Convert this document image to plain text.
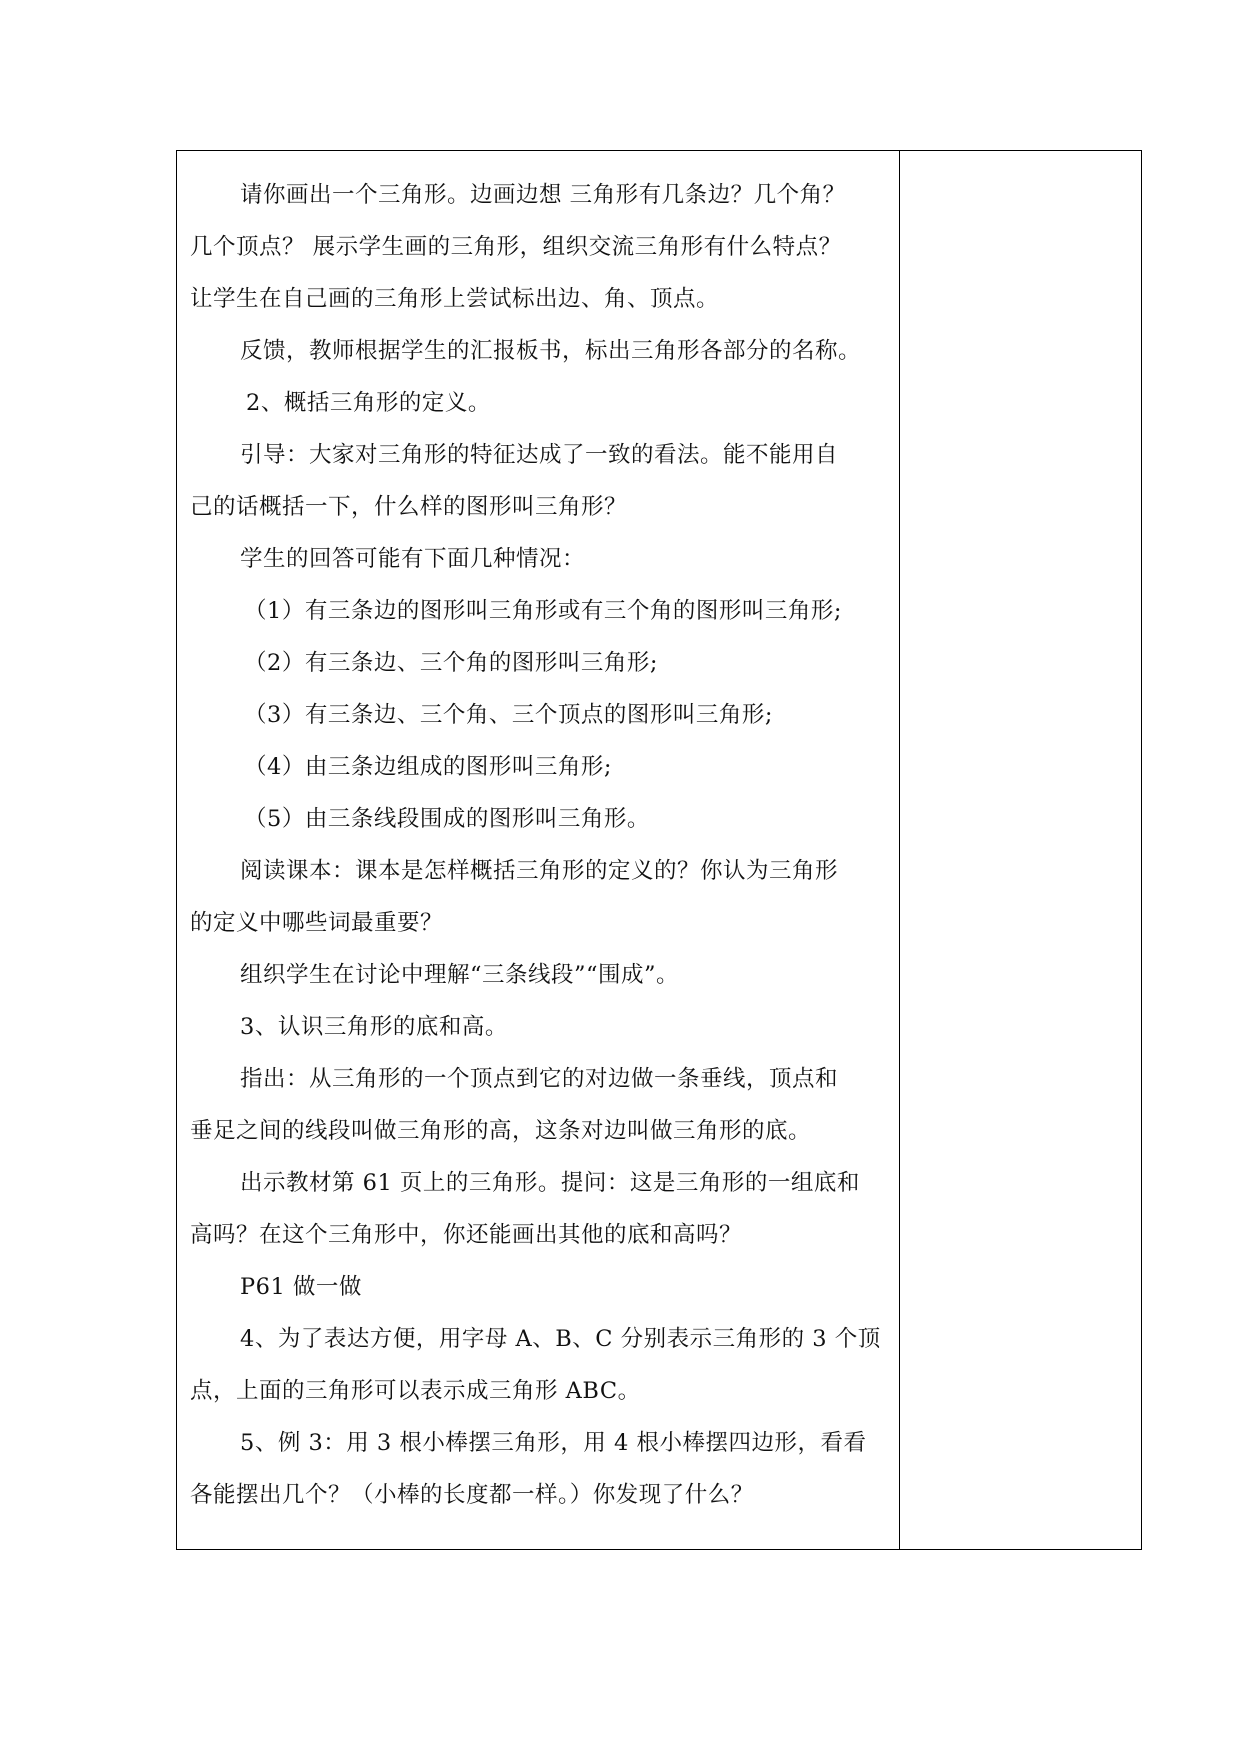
请你画出一个三角形。边画边想 三角形有几条边？几个角？

几个顶点？ 展示学生画的三角形，组织交流三角形有什么特点？

让学生在自己画的三角形上尝试标出边、角、顶点。

反馈，教师根据学生的汇报板书，标出三角形各部分的名称。

2、概括三角形的定义。

引导：大家对三角形的特征达成了一致的看法。能不能用自

己的话概括一下，什么样的图形叫三角形？

学生的回答可能有下面几种情况：

（1）有三条边的图形叫三角形或有三个角的图形叫三角形;

（2）有三条边、三个角的图形叫三角形;

（3）有三条边、三个角、三个顶点的图形叫三角形;

（4）由三条边组成的图形叫三角形;

（5）由三条线段围成的图形叫三角形。

阅读课本：课本是怎样概括三角形的定义的？你认为三角形

的定义中哪些词最重要？

组织学生在讨论中理解“三条线段”“围成”。

3、认识三角形的底和高。

指出：从三角形的一个顶点到它的对边做一条垂线，顶点和

垂足之间的线段叫做三角形的高，这条对边叫做三角形的底。

出示教材第 61 页上的三角形。提问：这是三角形的一组底和

高吗？在这个三角形中，你还能画出其他的底和高吗？

P61 做一做

4、为了表达方便，用字母 A、B、C 分别表示三角形的 3 个顶

点，上面的三角形可以表示成三角形 ABC。

5、例 3：用 3 根小棒摆三角形，用 4 根小棒摆四边形，看看

各能摆出几个？（小棒的长度都一样。）你发现了什么？
